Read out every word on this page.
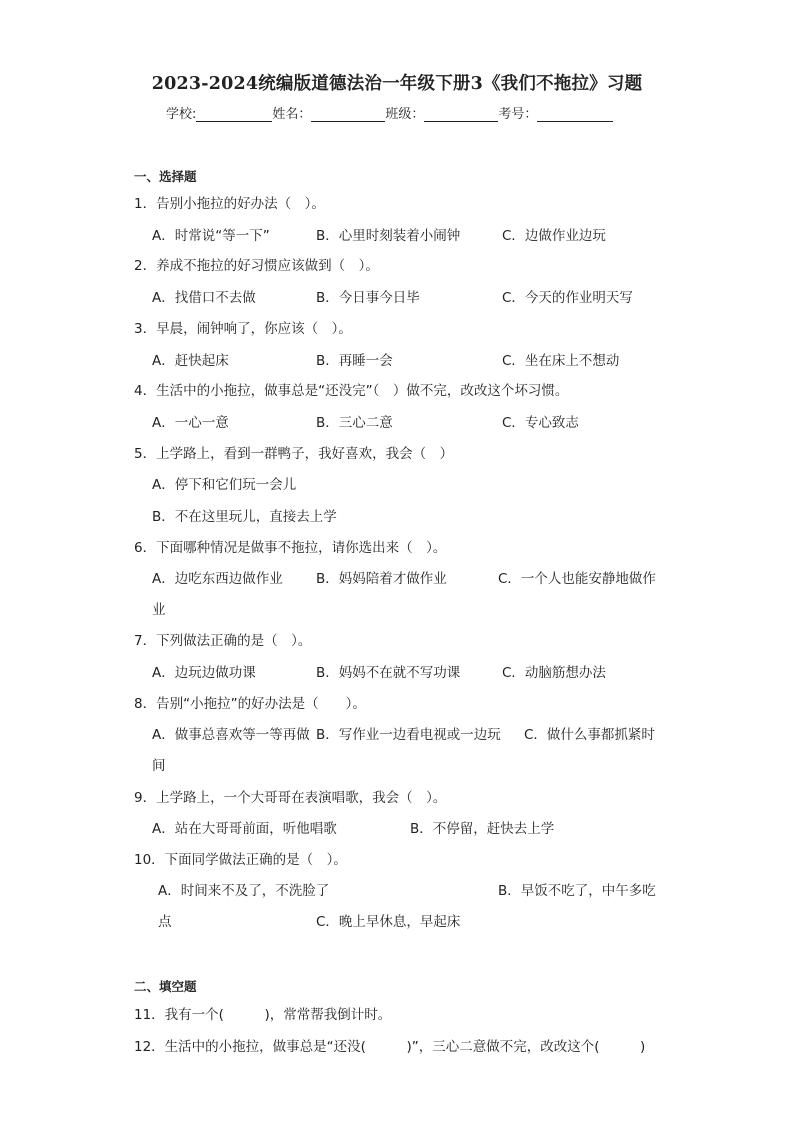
2023-2024统编版道德法治一年级下册3《我们不拖拉》习题
学校:	姓名：	班级：	考号：
一、选择题
1．告别小拖拉的好办法（　）。
A．时常说“等一下”	B．心里时刻装着小闹钟	C．边做作业边玩
2．养成不拖拉的好习惯应该做到（　）。
A．找借口不去做	B．今日事今日毕	C．今天的作业明天写
3．早晨，闹钟响了，你应该（　）。
A．赶快起床	B．再睡一会	C．坐在床上不想动
4．生活中的小拖拉，做事总是“还没完”（　）做不完，改改这个坏习惯。
A．一心一意	B．三心二意	C．专心致志
5．上学路上，看到一群鸭子，我好喜欢，我会（　）
A．停下和它们玩一会儿
B．不在这里玩儿，直接去上学
6．下面哪种情况是做事不拖拉，请你选出来（　）。
A．边吃东西边做作业 B．妈妈陪着才做作业	C．一个人也能安静地做作
业
7．下列做法正确的是（　）。
A．边玩边做功课	B．妈妈不在就不写功课	C．动脑筋想办法
8．告别“小拖拉”的好办法是（　　）。
A．做事总喜欢等一等再做 B．写作业一边看电视或一边玩 C．做什么事都抓紧时
间
9．上学路上，一个大哥哥在表演唱歌，我会（　）。
A．站在大哥哥前面，听他唱歌	B．不停留，赶快去上学
10．下面同学做法正确的是（　）。
A．时间来不及了，不洗脸了	B．早饭不吃了，中午多吃
点	C．晚上早休息，早起床
二、填空题
11．我有一个(　　　)，常常帮我倒计时。
12．生活中的小拖拉，做事总是“还没(　　　)”，三心二意做不完，改改这个(　　　)
